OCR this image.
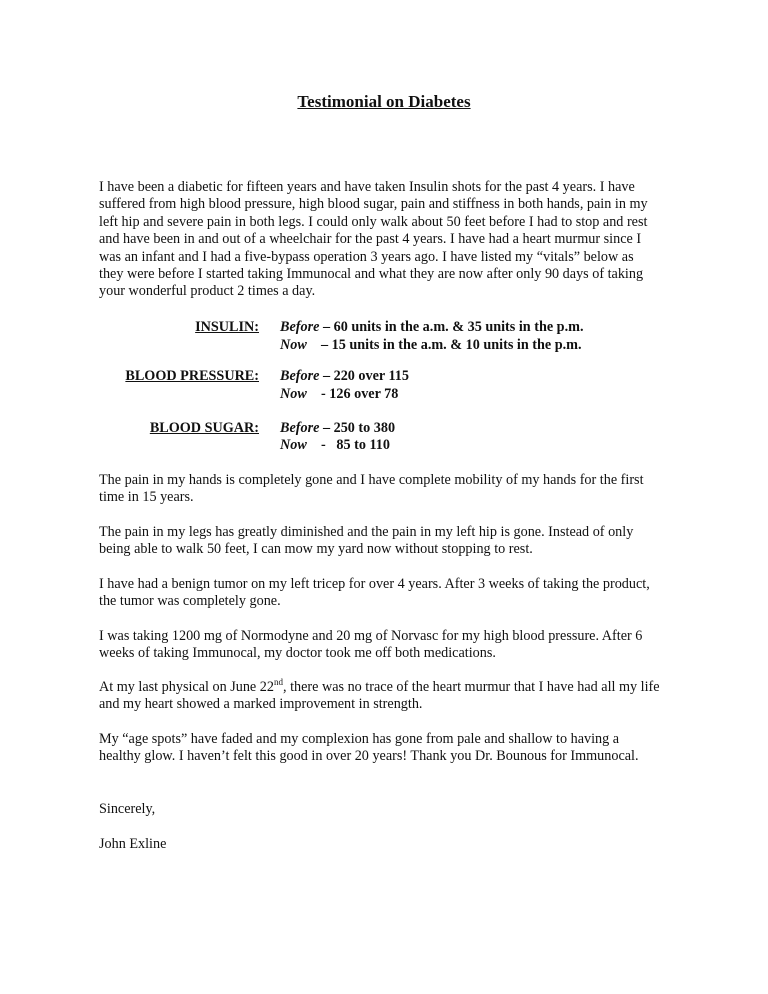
Testimonial on Diabetes

I have been a diabetic for fifteen years and have taken Insulin shots for the past 4 years. I have suffered from high blood pressure, high blood sugar, pain and stiffness in both hands, pain in my left hip and severe pain in both legs. I could only walk about 50 feet before I had to stop and rest and have been in and out of a wheelchair for the past 4 years. I have had a heart murmur since I was an infant and I had a five-bypass operation 3 years ago. I have listed my “vitals” below as they were before I started taking Immunocal and what they are now after only 90 days of taking your wonderful product 2 times a day.

INSULIN: Before – 60 units in the a.m. & 35 units in the p.m.
Now    – 15 units in the a.m. & 10 units in the p.m.
BLOOD PRESSURE: Before – 220 over 115
Now    - 126 over 78
BLOOD SUGAR: Before – 250 to 380
Now    -   85 to 110

The pain in my hands is completely gone and I have complete mobility of my hands for the first time in 15 years.

The pain in my legs has greatly diminished and the pain in my left hip is gone. Instead of only being able to walk 50 feet, I can mow my yard now without stopping to rest.

I have had a benign tumor on my left tricep for over 4 years. After 3 weeks of taking the product, the tumor was completely gone.

I was taking 1200 mg of Normodyne and 20 mg of Norvasc for my high blood pressure. After 6 weeks of taking Immunocal, my doctor took me off both medications.

At my last physical on June 22nd, there was no trace of the heart murmur that I have had all my life and my heart showed a marked improvement in strength.

My “age spots” have faded and my complexion has gone from pale and shallow to having a healthy glow. I haven’t felt this good in over 20 years! Thank you Dr. Bounous for Immunocal.

Sincerely,

John Exline
